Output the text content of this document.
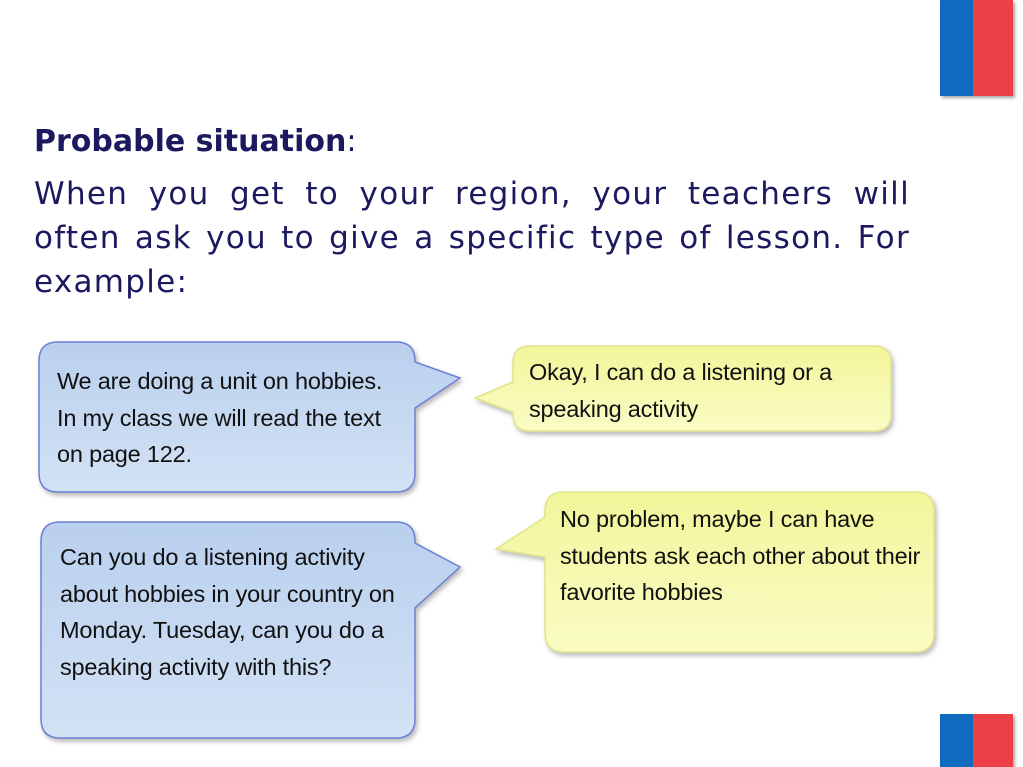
Probable situation:
When you get to your region, your teachers will often ask you to give a specific type of lesson. For example:
We are doing a unit on hobbies. In my class we will read the text on page 122.
Okay, I can do a listening or a speaking activity
Can you do a listening activity about hobbies in your country on Monday. Tuesday, can you do a speaking activity with this?
No problem, maybe I can have students ask each other about their favorite hobbies
